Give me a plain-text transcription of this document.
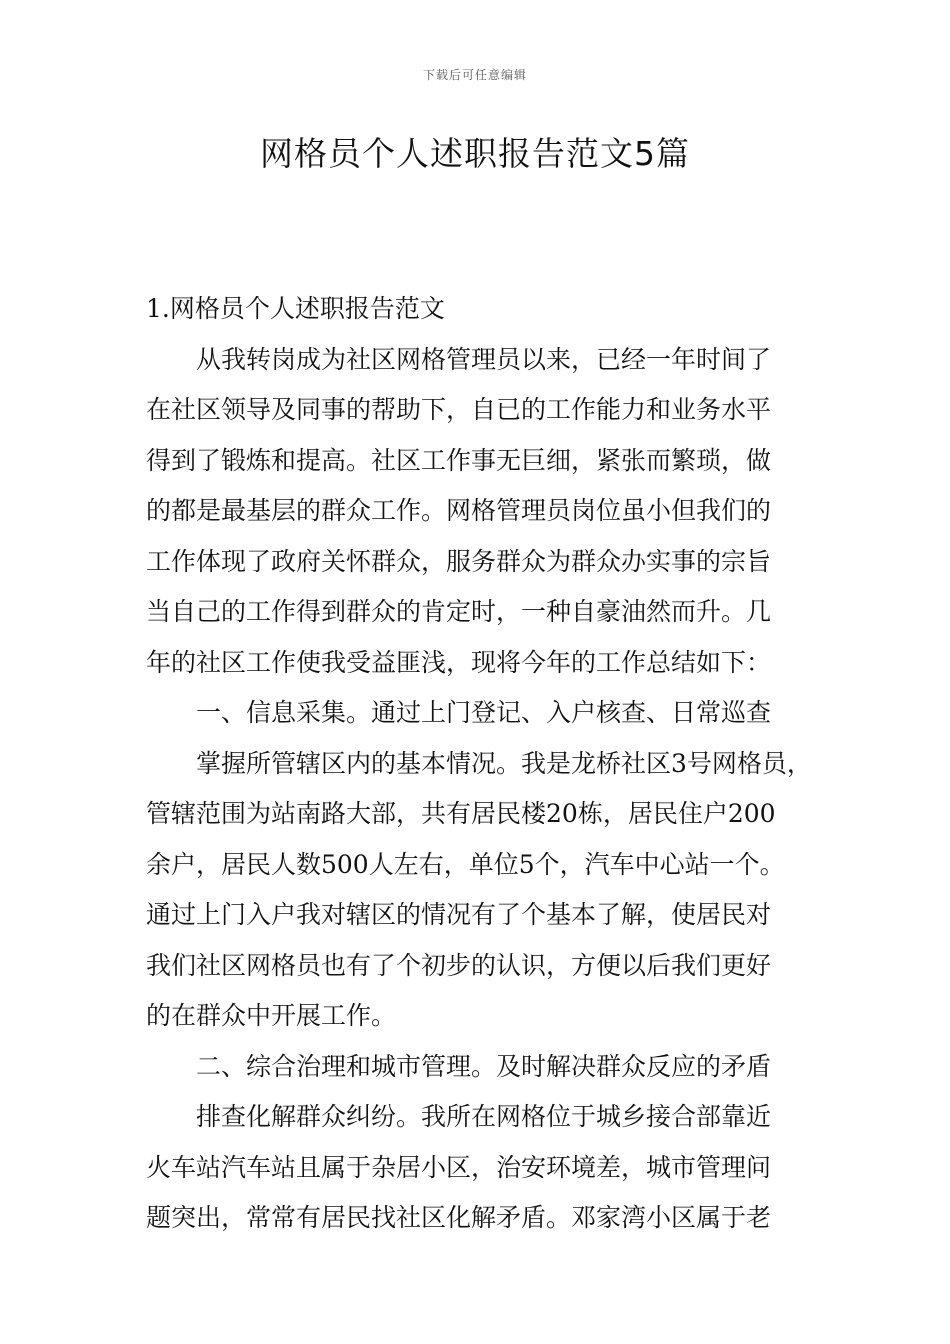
下载后可任意编辑
网格员个人述职报告范文5篇
1.网格员个人述职报告范文
从我转岗成为社区网格管理员以来，已经一年时间了
在社区领导及同事的帮助下，自已的工作能力和业务水平
得到了锻炼和提高。社区工作事无巨细，紧张而繁琐，做
的都是最基层的群众工作。网格管理员岗位虽小但我们的
工作体现了政府关怀群众，服务群众为群众办实事的宗旨
当自己的工作得到群众的肯定时，一种自豪油然而升。几
年的社区工作使我受益匪浅，现将今年的工作总结如下：
一、信息采集。通过上门登记、入户核查、日常巡查
掌握所管辖区内的基本情况。我是龙桥社区3号网格员，
管辖范围为站南路大部，共有居民楼20栋，居民住户200
余户，居民人数500人左右，单位5个，汽车中心站一个。
通过上门入户我对辖区的情况有了个基本了解，使居民对
我们社区网格员也有了个初步的认识，方便以后我们更好
的在群众中开展工作。
二、综合治理和城市管理。及时解决群众反应的矛盾
排查化解群众纠纷。我所在网格位于城乡接合部靠近
火车站汽车站且属于杂居小区，治安环境差，城市管理问
题突出，常常有居民找社区化解矛盾。邓家湾小区属于老
